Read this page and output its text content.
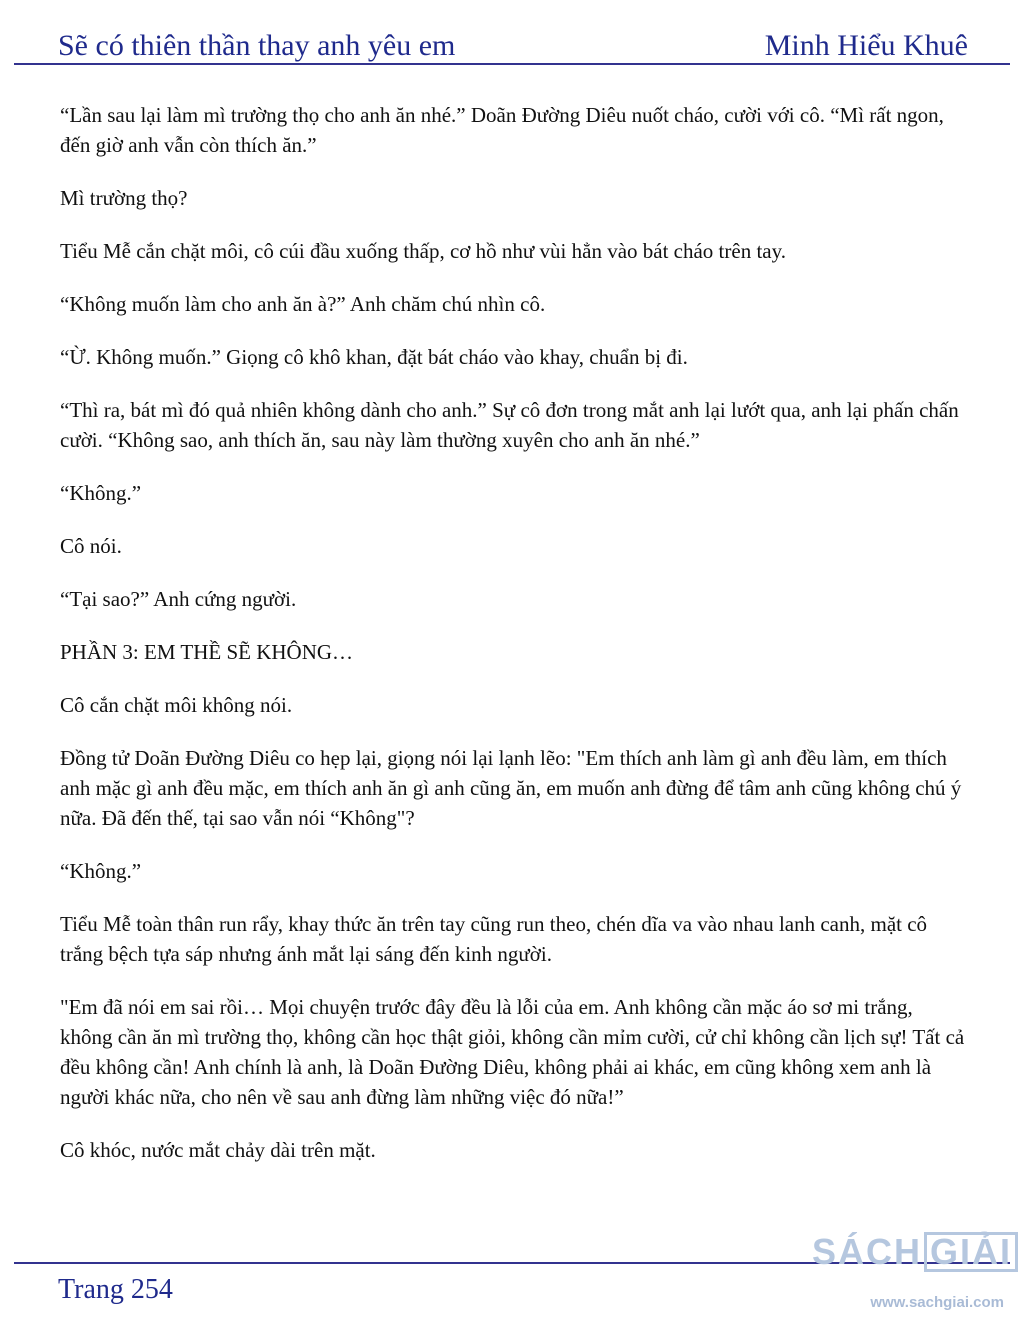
Sẽ có thiên thần thay anh yêu em	Minh Hiểu Khuê

“Lần sau lại làm mì trường thọ cho anh ăn nhé.” Doãn Đường Diêu nuốt cháo, cười với cô. “Mì rất ngon, đến giờ anh vẫn còn thích ăn.”

Mì trường thọ?

Tiểu Mễ cắn chặt môi, cô cúi đầu xuống thấp, cơ hồ như vùi hẳn vào bát cháo trên tay.

“Không muốn làm cho anh ăn à?” Anh chăm chú nhìn cô.

“Ừ. Không muốn.” Giọng cô khô khan, đặt bát cháo vào khay, chuẩn bị đi.

“Thì ra, bát mì đó quả nhiên không dành cho anh.” Sự cô đơn trong mắt anh lại lướt qua, anh lại phấn chấn cười. “Không sao, anh thích ăn, sau này làm thường xuyên cho anh ăn nhé.”

“Không.”

Cô nói.

“Tại sao?” Anh cứng người.

PHẦN 3: EM THỀ SẼ KHÔNG…

Cô cắn chặt môi không nói.

Đồng tử Doãn Đường Diêu co hẹp lại, giọng nói lại lạnh lẽo: "Em thích anh làm gì anh đều làm, em thích anh mặc gì anh đều mặc, em thích anh ăn gì anh cũng ăn, em muốn anh đừng để tâm anh cũng không chú ý nữa. Đã đến thế, tại sao vẫn nói “Không"?

“Không.”

Tiểu Mễ toàn thân run rẩy, khay thức ăn trên tay cũng run theo, chén dĩa va vào nhau lanh canh, mặt cô trắng bệch tựa sáp nhưng ánh mắt lại sáng đến kinh người.

"Em đã nói em sai rồi… Mọi chuyện trước đây đều là lỗi của em. Anh không cần mặc áo sơ mi trắng, không cần ăn mì trường thọ, không cần học thật giỏi, không cần mỉm cười, cử chỉ không cần lịch sự! Tất cả đều không cần! Anh chính là anh, là Doãn Đường Diêu, không phải ai khác, em cũng không xem anh là người khác nữa, cho nên về sau anh đừng làm những việc đó nữa!”

Cô khóc, nước mắt chảy dài trên mặt.

Trang 254
SÁCH GIẢI
www.sachgiai.com
